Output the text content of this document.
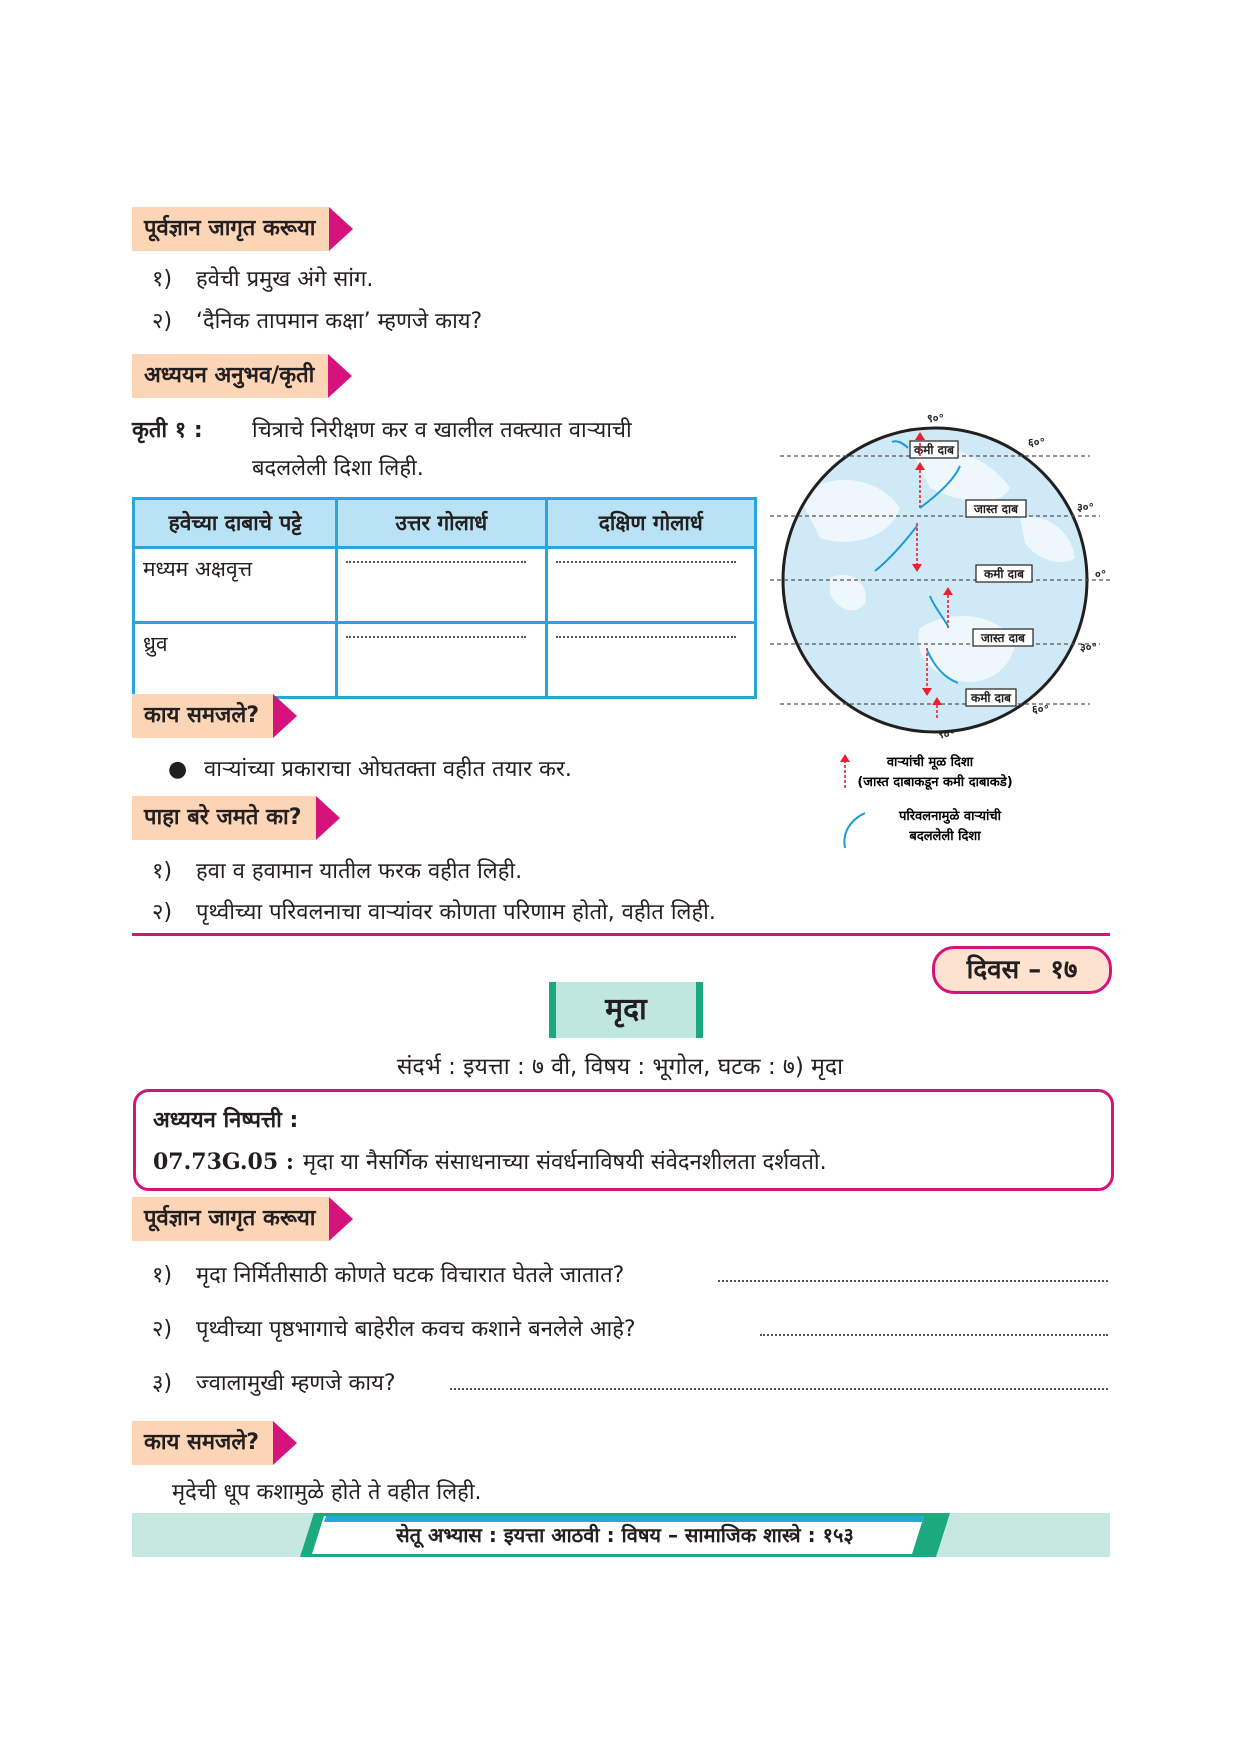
पूर्वज्ञान जागृत करूया
१) हवेची प्रमुख अंगे सांग.
२) ‘दैनिक तापमान कक्षा’ म्हणजे काय?
अध्ययन अनुभव/कृती
कृती १ : चित्राचे निरीक्षण कर व खालील तक्त्यात वाऱ्याची
बदललेली दिशा लिही.
हवेच्या दाबाचे पट्टे	उत्तर गोलार्ध	दक्षिण गोलार्ध
मध्यम अक्षवृत्त	

ध्रुव	

काय समजले?
● वाऱ्यांच्या प्रकाराचा ओघतक्ता वहीत तयार कर.
पाहा बरे जमते का?
१) हवा व हवामान यातील फरक वहीत लिही.
२) पृथ्वीच्या परिवलनाचा वाऱ्यांवर कोणता परिणाम होतो, वहीत लिही.
कमी दाब
जास्त दाब
कमी दाब
जास्त दाब
कमी दाब
९०°
६०°
३०°
०°
३०°
६०°
९०°
वाऱ्यांची मूळ दिशा
(जास्त दाबाकडून कमी दाबाकडे)
परिवलनामुळे वाऱ्यांची
बदललेली दिशा
दिवस – १७
मृदा
संदर्भ : इयत्ता : ७ वी, विषय : भूगोल, घटक : ७) मृदा
अध्ययन निष्पत्ती :
07.73G.05 : मृदा या नैसर्गिक संसाधनाच्या संवर्धनाविषयी संवेदनशीलता दर्शवतो.
पूर्वज्ञान जागृत करूया
१) मृदा निर्मितीसाठी कोणते घटक विचारात घेतले जातात?
२) पृथ्वीच्या पृष्ठभागाचे बाहेरील कवच कशाने बनलेले आहे?
३) ज्वालामुखी म्हणजे काय?
काय समजले?
मृदेची धूप कशामुळे होते ते वहीत लिही.
सेतू अभ्यास : इयत्ता आठवी : विषय – सामाजिक शास्त्रे : १५३
